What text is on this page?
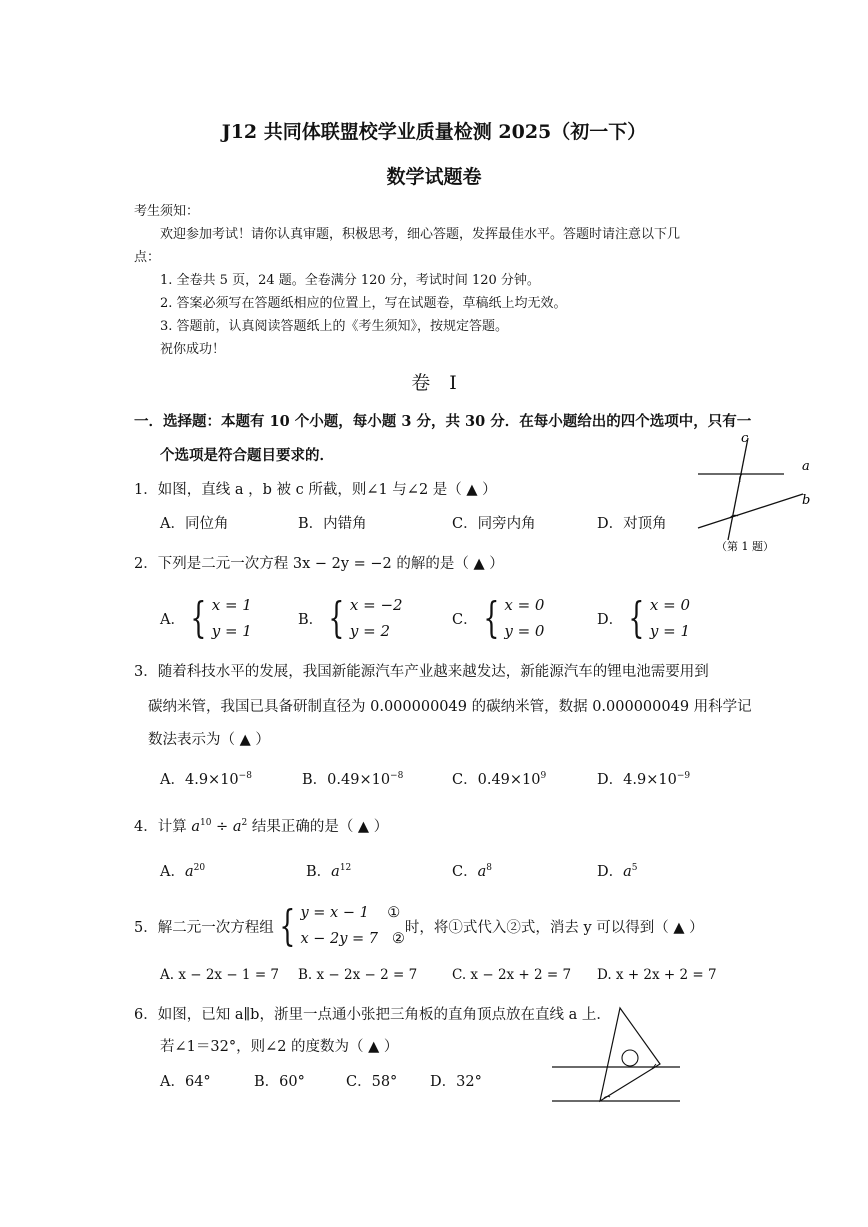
J12 共同体联盟校学业质量检测 2025（初一下）
数学试题卷
考生须知：
欢迎参加考试！请你认真审题，积极思考，细心答题，发挥最佳水平。答题时请注意以下几
点：
1. 全卷共 5 页，24 题。全卷满分 120 分，考试时间 120 分钟。
2. 答案必须写在答题纸相应的位置上，写在试题卷，草稿纸上均无效。
3. 答题前，认真阅读答题纸上的《考生须知》，按规定答题。
祝你成功！
卷　I
一．选择题：本题有 10 个小题，每小题 3 分，共 30 分．在每小题给出的四个选项中，只有一
个选项是符合题目要求的．
1．如图，直线 a ，b 被 c 所截，则∠1 与∠2 是（ ▲ ）
A．同位角	B．内错角	C．同旁内角	D．对顶角
c
a
b
（第 1 题）
2．下列是二元一次方程 3x − 2y = −2 的解的是（ ▲ ）
A． { x = 1
y = 1
B． { x = −2
y = 2
C． { x = 0
y = 0
D． { x = 0
y = 1
3．随着科技水平的发展，我国新能源汽车产业越来越发达，新能源汽车的锂电池需要用到
碳纳米管，我国已具备研制直径为 0.000000049 的碳纳米管，数据 0.000000049 用科学记
数法表示为（ ▲ ）
A．$4.9\times 10^{-8}$	B．$0.49\times 10^{-8}$	C．$0.49\times 10^9$	D．$4.9\times 10^{-9}$
4．计算 $a^{10} \div a^2$ 结果正确的是（ ▲ ）
A．$a^{20}$	B．$a^{12}$	C．$a^8$	D．$a^5$
5．解二元一次方程组 { y = x − 1 ①
x − 2y = 7 ②
时，将①式代入②式，消去 y 可以得到（ ▲ ）
A. x − 2x − 1 = 7 B. x − 2x − 2 = 7	C. x − 2x + 2 = 7 D. x + 2x + 2 = 7
6．如图，已知 a∥b，浙里一点通小张把三角板的直角顶点放在直线 a 上．
若∠1＝32°，则∠2 的度数为（ ▲ ）
A．64°	B．60°	C．58° D．32°
